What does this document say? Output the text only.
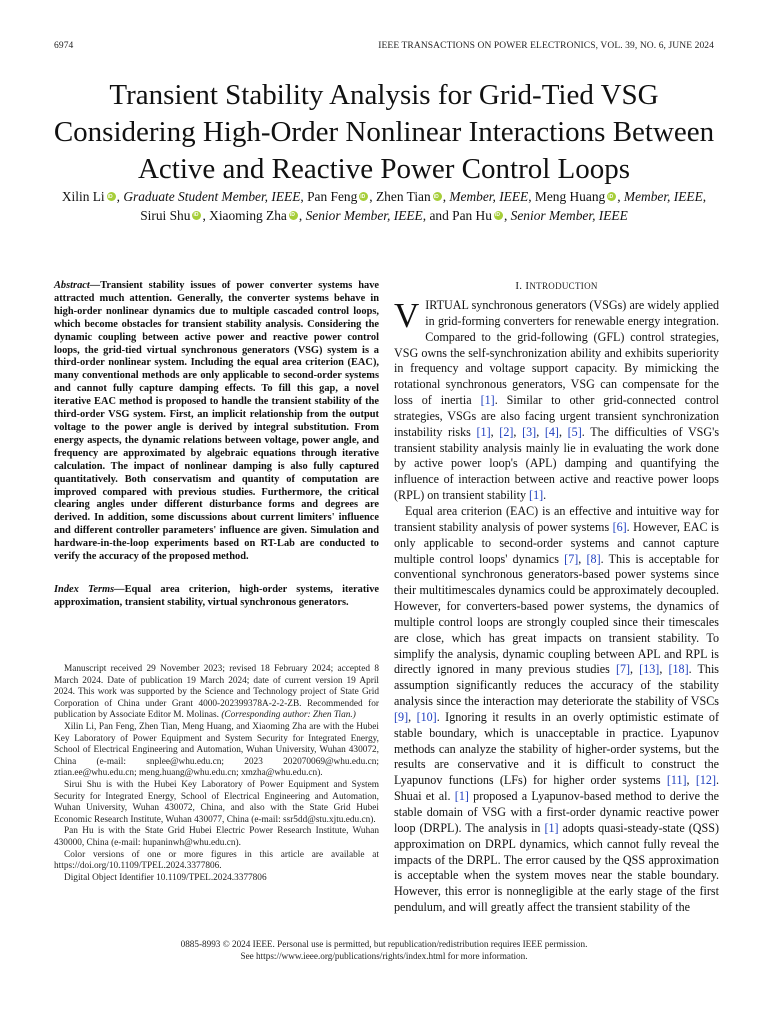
6974	IEEE TRANSACTIONS ON POWER ELECTRONICS, VOL. 39, NO. 6, JUNE 2024
Transient Stability Analysis for Grid-Tied VSG Considering High-Order Nonlinear Interactions Between Active and Reactive Power Control Loops
Xilin Li iD , Graduate Student Member, IEEE, Pan Feng iD , Zhen Tian iD , Member, IEEE, Meng Huang iD , Member, IEEE, Sirui Shu iD , Xiaoming Zha iD , Senior Member, IEEE, and Pan Hu iD , Senior Member, IEEE

Abstract—Transient stability issues of power converter systems have attracted much attention. Generally, the converter systems behave in high-order nonlinear dynamics due to multiple cascaded control loops, which become obstacles for transient stability analysis. Considering the dynamic coupling between active power and reactive power control loops, the grid-tied virtual synchronous generators (VSG) system is a third-order nonlinear system. Including the equal area criterion (EAC), many conventional methods are only applicable to second-order systems and cannot fully capture damping effects. To fill this gap, a novel iterative EAC method is proposed to handle the transient stability of the third-order VSG system. First, an implicit relationship from the output voltage to the power angle is derived by integral substitution. From energy aspects, the dynamic relations between voltage, power angle, and frequency are approximated by algebraic equations through iterative calculation. The impact of nonlinear damping is also fully captured quantitatively. Both conservatism and quantity of computation are improved compared with previous studies. Furthermore, the critical clearing angles under different disturbance forms and degrees are derived. In addition, some discussions about current limiters' influence and different controller parameters' influence are given. Simulation and hardware-in-the-loop experiments based on RT-Lab are conducted to verify the accuracy of the proposed method.

Index Terms—Equal area criterion, high-order systems, iterative approximation, transient stability, virtual synchronous generators.

Manuscript received 29 November 2023; revised 18 February 2024; accepted 8 March 2024. Date of publication 19 March 2024; date of current version 19 April 2024. This work was supported by the Science and Technology project of State Grid Corporation of China under Grant 4000-202399378A-2-2-ZB. Recommended for publication by Associate Editor M. Molinas. (Corresponding author: Zhen Tian.)

Xilin Li, Pan Feng, Zhen Tian, Meng Huang, and Xiaoming Zha are with the Hubei Key Laboratory of Power Equipment and System Security for Integrated Energy, School of Electrical Engineering and Automation, Wuhan University, Wuhan 430072, China (e-mail: snplee@whu.edu.cn; 2023 202070069@whu.edu.cn; ztian.ee@whu.edu.cn; meng.huang@whu.edu.cn; xmzha@whu.edu.cn).

Sirui Shu is with the Hubei Key Laboratory of Power Equipment and System Security for Integrated Energy, School of Electrical Engineering and Automation, Wuhan University, Wuhan 430072, China, and also with the State Grid Hubei Economic Research Institute, Wuhan 430077, China (e-mail: ssr5dd@stu.xjtu.edu.cn).

Pan Hu is with the State Grid Hubei Electric Power Research Institute, Wuhan 430000, China (e-mail: hupaninwh@whu.edu.cn).

Color versions of one or more figures in this article are available at https://doi.org/10.1109/TPEL.2024.3377806.

Digital Object Identifier 10.1109/TPEL.2024.3377806

I. INTRODUCTION

VIRTUAL synchronous generators (VSGs) are widely applied in grid-forming converters for renewable energy integration. Compared to the grid-following (GFL) control strategies, VSG owns the self-synchronization ability and exhibits superiority in frequency and voltage support capacity. By mimicking the rotational synchronous generators, VSG can compensate for the loss of inertia [1]. Similar to other grid-connected control strategies, VSGs are also facing urgent transient synchronization instability risks [1], [2], [3], [4], [5]. The difficulties of VSG's transient stability analysis mainly lie in evaluating the work done by active power loop's (APL) damping and quantifying the influence of interaction between active and reactive power loops (RPL) on transient stability [1].

Equal area criterion (EAC) is an effective and intuitive way for transient stability analysis of power systems [6]. However, EAC is only applicable to second-order systems and cannot capture multiple control loops' dynamics [7], [8]. This is acceptable for conventional synchronous generators-based power systems since their multitimescales dynamics could be approximately decoupled. However, for converters-based power systems, the dynamics of multiple control loops are strongly coupled since their timescales are close, which has great impacts on transient stability. To simplify the analysis, dynamic coupling between APL and RPL is directly ignored in many previous studies [7], [13], [18]. This assumption significantly reduces the accuracy of the stability analysis since the interaction may deteriorate the stability of VSCs [9], [10]. Ignoring it results in an overly optimistic estimate of stable boundary, which is unacceptable in practice. Lyapunov methods can analyze the stability of higher-order systems, but the results are conservative and it is difficult to construct the Lyapunov functions (LFs) for higher order systems [11], [12]. Shuai et al. [1] proposed a Lyapunov-based method to derive the stable domain of VSG with a first-order dynamic reactive power loop (DRPL). The analysis in [1] adopts quasi-steady-state (QSS) approximation on DRPL dynamics, which cannot fully reveal the impacts of the DRPL. The error caused by the QSS approximation is acceptable when the system moves near the stable boundary. However, this error is nonnegligible at the early stage of the first pendulum, and will greatly affect the transient stability of the

0885-8993 © 2024 IEEE. Personal use is permitted, but republication/redistribution requires IEEE permission.
See https://www.ieee.org/publications/rights/index.html for more information.
